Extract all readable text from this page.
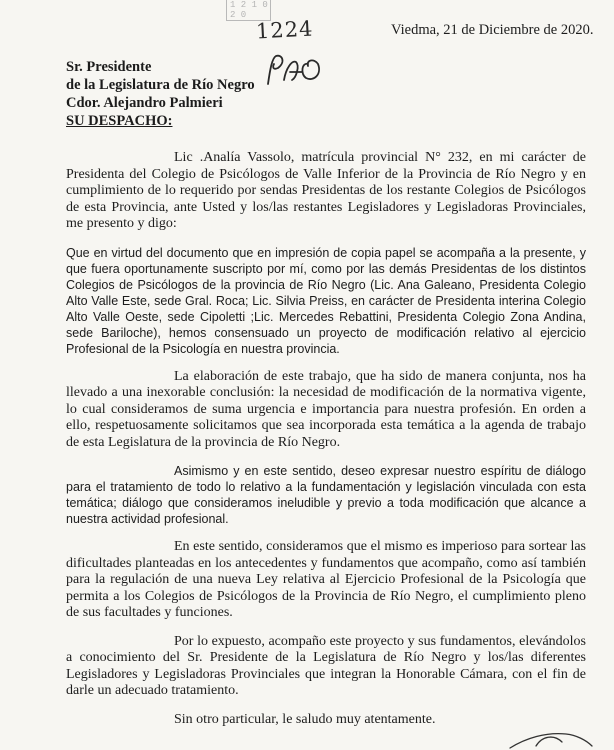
1 2 1 0 2 0
1224	Viedma, 21 de Diciembre de 2020.
Sr. Presidente
de la Legislatura de Río Negro
Cdor. Alejandro Palmieri
SU DESPACHO:

Lic .Analía Vassolo, matrícula provincial N° 232, en mi carácter de Presidenta del Colegio de Psicólogos de Valle Inferior de la Provincia de Río Negro y en cumplimiento de lo requerido por sendas Presidentas de los restante Colegios de Psicólogos de esta Provincia, ante Usted y los/las restantes Legisladores y Legisladoras Provinciales, me presento y digo:

Que en virtud del documento que en impresión de copia papel se acompaña a la presente, y que fuera oportunamente suscripto por mí, como por las demás Presidentas de los distintos Colegios de Psicólogos de la provincia de Río Negro (Lic. Ana Galeano, Presidenta Colegio Alto Valle Este, sede Gral. Roca; Lic. Silvia Preiss, en carácter de Presidenta interina Colegio Alto Valle Oeste, sede Cipoletti ;Lic. Mercedes Rebattini, Presidenta Colegio Zona Andina, sede Bariloche), hemos consensuado un proyecto de modificación relativo al ejercicio Profesional de la Psicología en nuestra provincia.

La elaboración de este trabajo, que ha sido de manera conjunta, nos ha llevado a una inexorable conclusión: la necesidad de modificación de la normativa vigente, lo cual consideramos de suma urgencia e importancia para nuestra profesión. En orden a ello, respetuosamente solicitamos que sea incorporada esta temática a la agenda de trabajo de esta Legislatura de la provincia de Río Negro.

Asimismo y en este sentido, deseo expresar nuestro espíritu de diálogo para el tratamiento de todo lo relativo a la fundamentación y legislación vinculada con esta temática; diálogo que consideramos ineludible y previo a toda modificación que alcance a nuestra actividad profesional.

En este sentido, consideramos que el mismo es imperioso para sortear las dificultades planteadas en los antecedentes y fundamentos que acompaño, como así también para la regulación de una nueva Ley relativa al Ejercicio Profesional de la Psicología que permita a los Colegios de Psicólogos de la Provincia de Río Negro, el cumplimiento pleno de sus facultades y funciones.

Por lo expuesto, acompaño este proyecto y sus fundamentos, elevándolos a conocimiento del Sr. Presidente de la Legislatura de Río Negro y los/las diferentes Legisladores y Legisladoras Provinciales que integran la Honorable Cámara, con el fin de darle un adecuado tratamiento.

Sin otro particular, le saludo muy atentamente.
